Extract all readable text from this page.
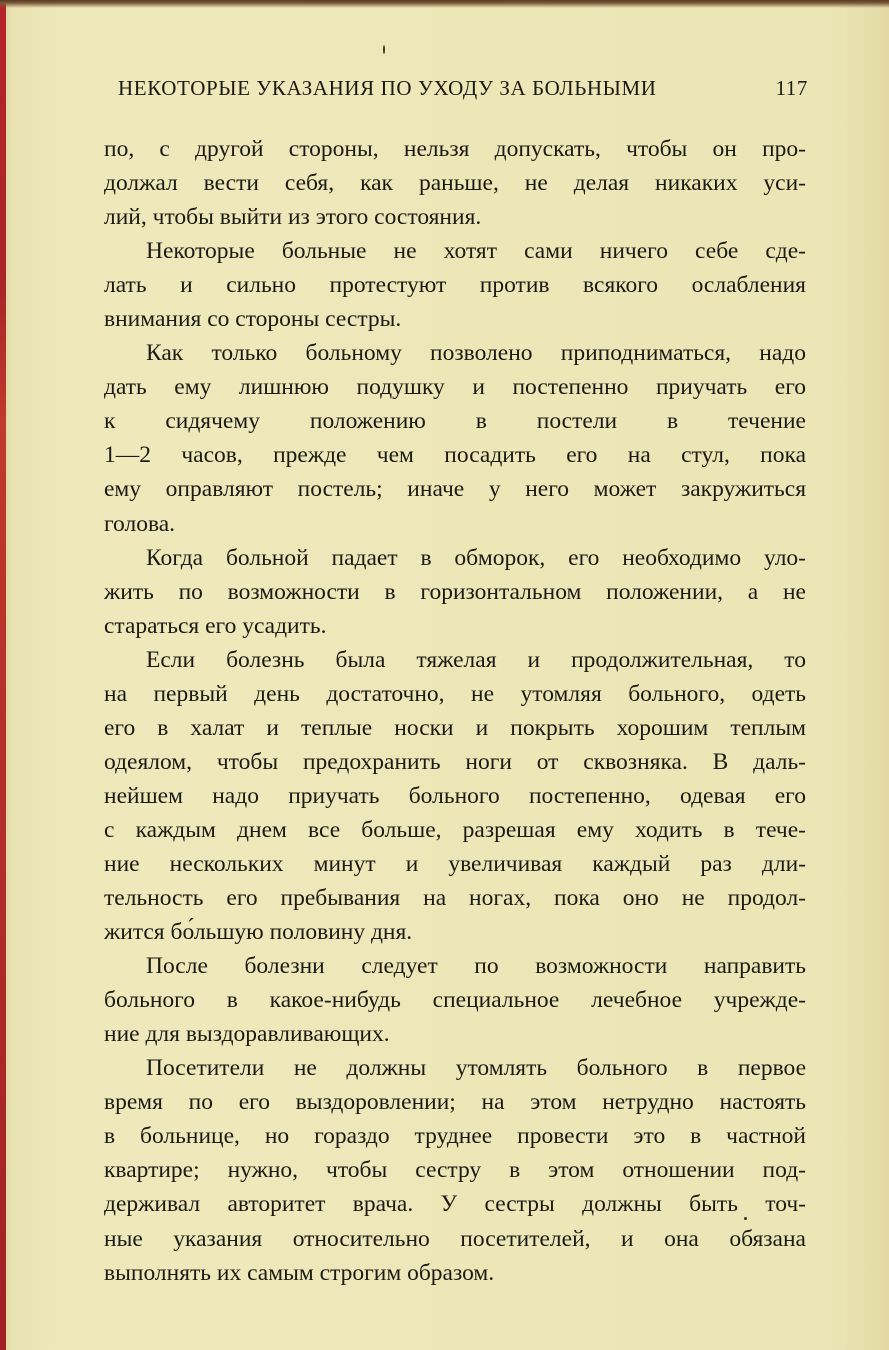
НЕКОТОРЫЕ УКАЗАНИЯ ПО УХОДУ ЗА БОЛЬНЫМИ	117
по, с другой стороны, нельзя допускать, чтобы он про-
должал вести себя, как раньше, не делая никаких уси-
лий, чтобы выйти из этого состояния.
Некоторые больные не хотят сами ничего себе сде-
лать и сильно протестуют против всякого ослабления
внимания со стороны сестры.
Как только больному позволено приподниматься, надо
дать ему лишнюю подушку и постепенно приучать его
к сидячему положению в постели в течение
1—2 часов, прежде чем посадить его на стул, пока
ему оправляют постель; иначе у него может закружиться
голова.
Когда больной падает в обморок, его необходимо уло-
жить по возможности в горизонтальном положении, а не
стараться его усадить.
Если болезнь была тяжелая и продолжительная, то
на первый день достаточно, не утомляя больного, одеть
его в халат и теплые носки и покрыть хорошим теплым
одеялом, чтобы предохранить ноги от сквозняка. В даль-
нейшем надо приучать больного постепенно, одевая его
с каждым днем все больше, разрешая ему ходить в тече-
ние нескольких минут и увеличивая каждый раз дли-
тельность его пребывания на ногах, пока оно не продол-
жится бо́льшую половину дня.
После болезни следует по возможности направить
больного в какое-нибудь специальное лечебное учрежде-
ние для выздоравливающих.
Посетители не должны утомлять больного в первое
время по его выздоровлении; на этом нетрудно настоять
в больнице, но гораздо труднее провести это в частной
квартире; нужно, чтобы сестру в этом отношении под-
держивал авторитет врача. У сестры должны быть точ-
ные указания относительно посетителей, и она обязана
выполнять их самым строгим образом.
